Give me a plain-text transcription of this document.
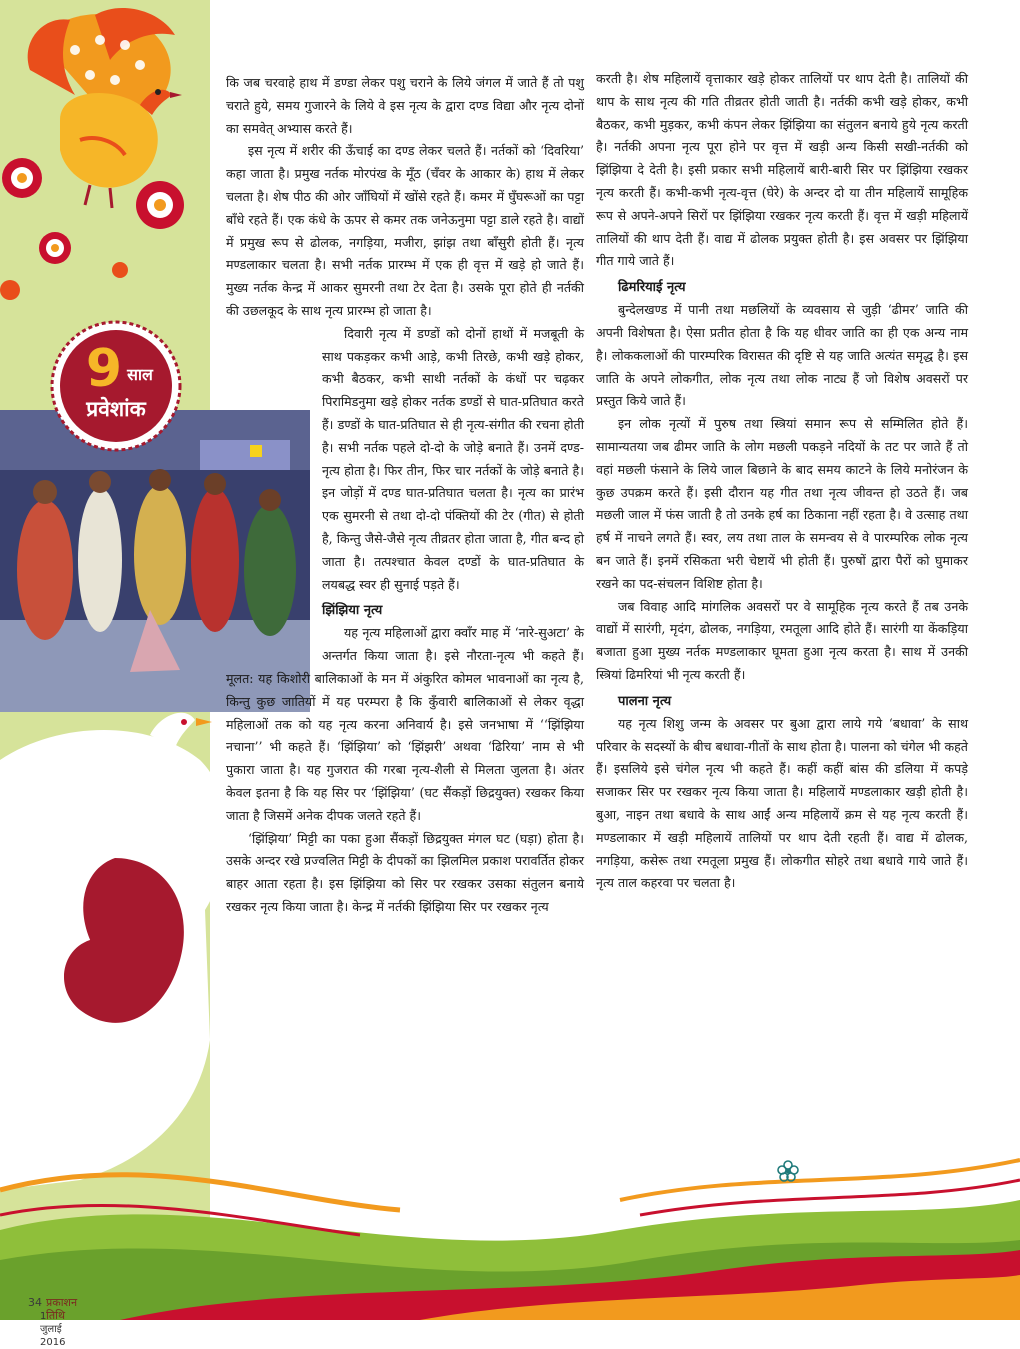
9 साल
प्रवेशांक

कि जब चरवाहे हाथ में डण्डा लेकर पशु चराने के लिये जंगल में जाते हैं तो पशु चराते हुये, समय गुजारने के लिये वे इस नृत्य के द्वारा दण्ड विद्या और नृत्य दोनों का समवेत् अभ्यास करते हैं।

इस नृत्य में शरीर की ऊँचाई का दण्ड लेकर चलते हैं। नर्तकों को ‘दिवरिया’ कहा जाता है। प्रमुख नर्तक मोरपंख के मूँठ (चँवर के आकार के) हाथ में लेकर चलता है। शेष पीठ की ओर जाँघियों में खोंसे रहते हैं। कमर में घुँघरूओं का पट्टा बाँधे रहते हैं। एक कंधे के ऊपर से कमर तक जनेऊनुमा पट्टा डाले रहते है। वाद्यों में प्रमुख रूप से ढोलक, नगड़िया, मजीरा, झांझ तथा बाँसुरी होती हैं। नृत्य मण्डलाकार चलता है। सभी नर्तक प्रारम्भ में एक ही वृत्त में खड़े हो जाते हैं। मुख्य नर्तक केन्द्र में आकर सुमरनी तथा टेर देता है। उसके पूरा होते ही नर्तकी की उछलकूद के साथ नृत्य प्रारम्भ हो जाता है।

दिवारी नृत्य में डण्डों को दोनों हाथों में मजबूती के साथ पकड़कर कभी आड़े, कभी तिरछे, कभी खड़े होकर, कभी बैठकर, कभी साथी नर्तकों के कंधों पर चढ़कर पिरामिडनुमा खड़े होकर नर्तक डण्डों से घात-प्रतिघात करते हैं। डण्डों के घात-प्रतिघात से ही नृत्य-संगीत की रचना होती है। सभी नर्तक पहले दो-दो के जोड़े बनाते हैं। उनमें दण्ड-नृत्य होता है। फिर तीन, फिर चार नर्तकों के जोड़े बनाते है। इन जोड़ों में दण्ड घात-प्रतिघात चलता है। नृत्य का प्रारंभ एक सुमरनी से तथा दो-दो पंक्तियों की टेर (गीत) से होती है, किन्तु जैसे-जैसे नृत्य तीव्रतर होता जाता है, गीत बन्द हो जाता है। तत्पश्चात केवल दण्डों के घात-प्रतिघात के लयबद्ध स्वर ही सुनाई पड़ते हैं।

झिंझिया नृत्य

यह नृत्य महिलाओं द्वारा क्वाँर माह में ‘नारे-सुअटा’ के अन्तर्गत किया जाता है। इसे नौरता-नृत्य भी कहते हैं। मूलत: यह किशोरी बालिकाओं के मन में अंकुरित कोमल भावनाओं का नृत्य है, किन्तु कुछ जातियों में यह परम्परा है कि कुँवारी बालिकाओं से लेकर वृद्धा महिलाओं तक को यह नृत्य करना अनिवार्य है। इसे जनभाषा में ‘‘झिंझिया नचाना’’ भी कहते हैं। ‘झिंझिया’ को ‘झिंझरी’ अथवा ‘ढिरिया’ नाम से भी पुकारा जाता है। यह गुजरात की गरबा नृत्य-शैली से मिलता जुलता है। अंतर केवल इतना है कि यह सिर पर ‘झिंझिया’ (घट सैंकड़ों छिद्रयुक्त) रखकर किया जाता है जिसमें अनेक दीपक जलते रहते हैं।

‘झिंझिया’ मिट्टी का पका हुआ सैंकड़ों छिद्रयुक्त मंगल घट (घड़ा) होता है। उसके अन्दर रखे प्रज्वलित मिट्टी के दीपकों का झिलमिल प्रकाश परावर्तित होकर बाहर आता रहता है। इस झिंझिया को सिर पर रखकर उसका संतुलन बनाये रखकर नृत्य किया जाता है। केन्द्र में नर्तकी झिंझिया सिर पर रखकर नृत्य

करती है। शेष महिलायें वृत्ताकार खड़े होकर तालियों पर थाप देती है। तालियों की थाप के साथ नृत्य की गति तीव्रतर होती जाती है। नर्तकी कभी खड़े होकर, कभी बैठकर, कभी मुड़कर, कभी कंपन लेकर झिंझिया का संतुलन बनाये हुये नृत्य करती है। नर्तकी अपना नृत्य पूरा होने पर वृत्त में खड़ी अन्य किसी सखी-नर्तकी को झिंझिया दे देती है। इसी प्रकार सभी महिलायें बारी-बारी सिर पर झिंझिया रखकर नृत्य करती हैं। कभी-कभी नृत्य-वृत्त (घेरे) के अन्दर दो या तीन महिलायें सामूहिक रूप से अपने-अपने सिरों पर झिंझिया रखकर नृत्य करती हैं। वृत्त में खड़ी महिलायें तालियों की थाप देती हैं। वाद्य में ढोलक प्रयुक्त होती है। इस अवसर पर झिंझिया गीत गाये जाते हैं।

ढिमरियाई नृत्य

बुन्देलखण्ड में पानी तथा मछलियों के व्यवसाय से जुड़ी ‘ढीमर’ जाति की अपनी विशेषता है। ऐसा प्रतीत होता है कि यह धीवर जाति का ही एक अन्य नाम है। लोककलाओं की पारम्परिक विरासत की दृष्टि से यह जाति अत्यंत समृद्ध है। इस जाति के अपने लोकगीत, लोक नृत्य तथा लोक नाट्य हैं जो विशेष अवसरों पर प्रस्तुत किये जाते हैं।

इन लोक नृत्यों में पुरुष तथा स्त्रियां समान रूप से सम्मिलित होते हैं। सामान्यतया जब ढीमर जाति के लोग मछली पकड़ने नदियों के तट पर जाते हैं तो वहां मछली फंसाने के लिये जाल बिछाने के बाद समय काटने के लिये मनोरंजन के कुछ उपक्रम करते हैं। इसी दौरान यह गीत तथा नृत्य जीवन्त हो उठते हैं। जब मछली जाल में फंस जाती है तो उनके हर्ष का ठिकाना नहीं रहता है। वे उत्साह तथा हर्ष में नाचने लगते हैं। स्वर, लय तथा ताल के समन्वय से वे पारम्परिक लोक नृत्य बन जाते हैं। इनमें रसिकता भरी चेष्टायें भी होती हैं। पुरुषों द्वारा पैरों को घुमाकर रखने का पद-संचलन विशिष्ट होता है।

जब विवाह आदि मांगलिक अवसरों पर वे सामूहिक नृत्य करते हैं तब उनके वाद्यों में सारंगी, मृदंग, ढोलक, नगड़िया, रमतूला आदि होते हैं। सारंगी या केंकड़िया बजाता हुआ मुख्य नर्तक मण्डलाकार घूमता हुआ नृत्य करता है। साथ में उनकी स्त्रियां ढिमरियां भी नृत्य करती हैं।

पालना नृत्य

यह नृत्य शिशु जन्म के अवसर पर बुआ द्वारा लाये गये ‘बधावा’ के साथ परिवार के सदस्यों के बीच बधावा-गीतों के साथ होता है। पालना को चंगेल भी कहते हैं। इसलिये इसे चंगेल नृत्य भी कहते हैं। कहीं कहीं बांस की डलिया में कपड़े सजाकर सिर पर रखकर नृत्य किया जाता है। महिलायें मण्डलाकार खड़ी होती है। बुआ, नाइन तथा बधावे के साथ आईं अन्य महिलायें क्रम से यह नृत्य करती हैं। मण्डलाकार में खड़ी महिलायें तालियों पर थाप देती रहती हैं। वाद्य में ढोलक, नगड़िया, कसेरू तथा रमतूला प्रमुख हैं। लोकगीत सोहरे तथा बधावे गाये जाते हैं। नृत्य ताल कहरवा पर चलता है।

34 प्रकाशन तिथि
1 जुलाई 2016
